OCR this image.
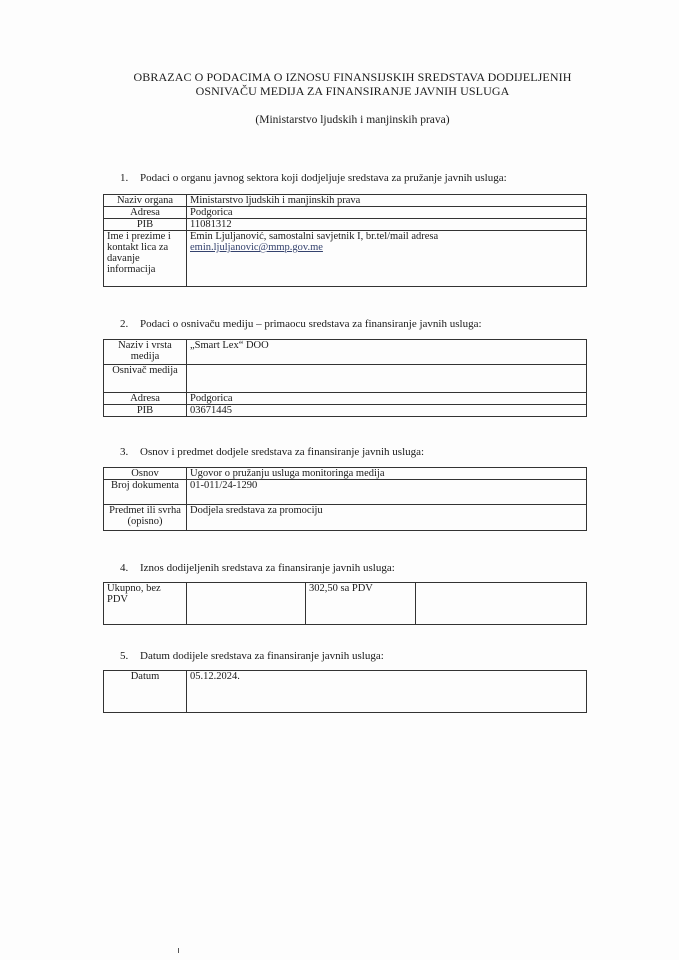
OBRAZAC O PODACIMA O IZNOSU FINANSIJSKIH SREDSTAVA DODIJELJENIH
OSNIVAČU MEDIJA ZA FINANSIRANJE JAVNIH USLUGA
(Ministarstvo ljudskih i manjinskih prava)
1. Podaci o organu javnog sektora koji dodjeljuje sredstava za pružanje javnih usluga:
Naziv organa	Ministarstvo ljudskih i manjinskih prava
Adresa	Podgorica
PIB	11081312
Ime i prezime i kontakt lica za davanje informacija	Emin Ljuljanović, samostalni savjetnik I, br.tel/mail adresa
emin.ljuljanovic@mmp.gov.me
2. Podaci o osnivaču mediju – primaocu sredstava za finansiranje javnih usluga:
Naziv i vrsta medija	„Smart Lex“ DOO
Osnivač medija	
Adresa	Podgorica
PIB	03671445
3. Osnov i predmet dodjele sredstava za finansiranje javnih usluga:
Osnov	Ugovor o pružanju usluga monitoringa medija
Broj dokumenta	01-011/24-1290
Predmet ili svrha (opisno)	Dodjela sredstava za promociju
4. Iznos dodijeljenih sredstava za finansiranje javnih usluga:
Ukupno, bez PDV		302,50 sa PDV	
5. Datum dodijele sredstava za finansiranje javnih usluga:
Datum	05.12.2024.
